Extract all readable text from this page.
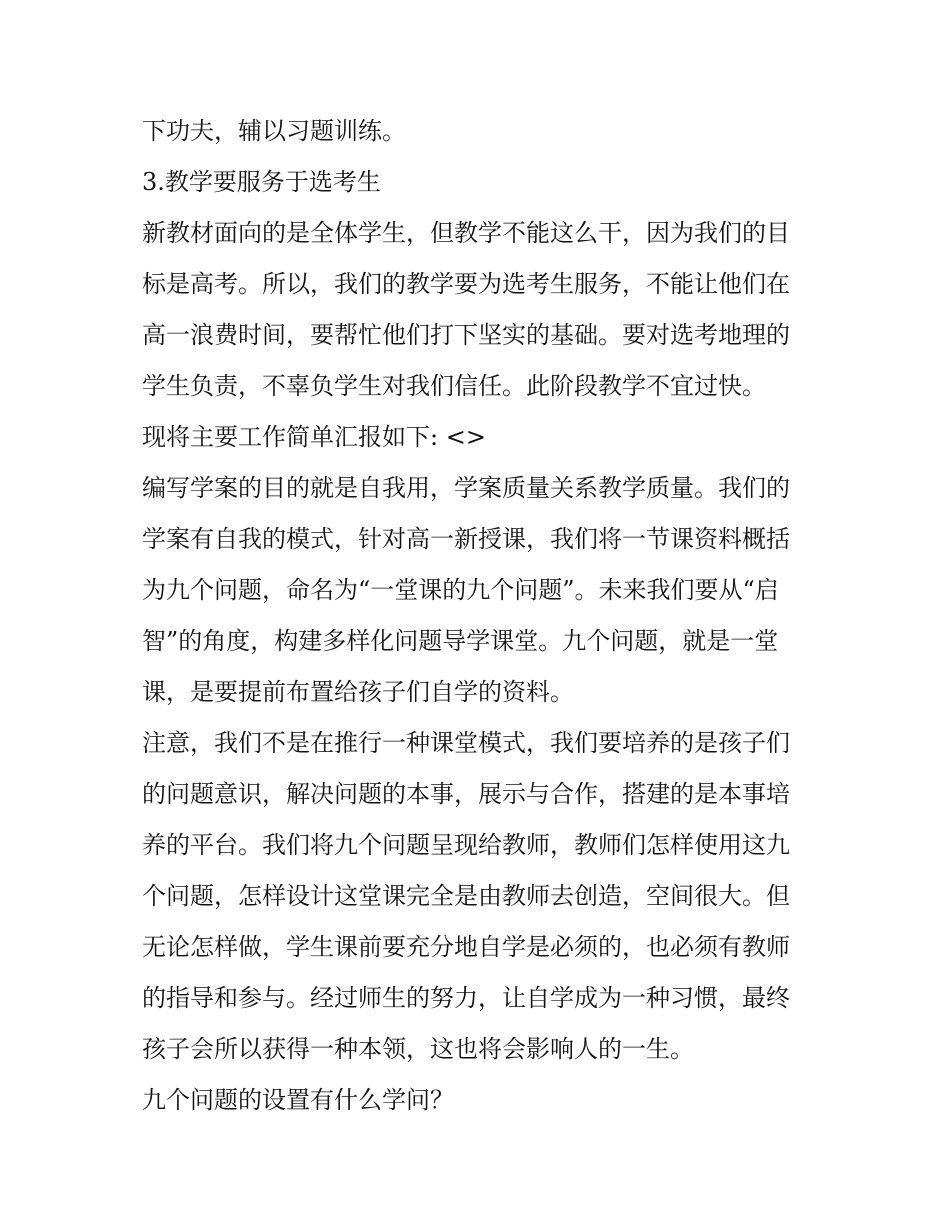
下功夫，辅以习题训练。
3.教学要服务于选考生
新教材面向的是全体学生，但教学不能这么干，因为我们的目
标是高考。所以，我们的教学要为选考生服务，不能让他们在
高一浪费时间，要帮忙他们打下坚实的基础。要对选考地理的
学生负责，不辜负学生对我们信任。此阶段教学不宜过快。
现将主要工作简单汇报如下: <>
编写学案的目的就是自我用，学案质量关系教学质量。我们的
学案有自我的模式，针对高一新授课，我们将一节课资料概括
为九个问题，命名为“一堂课的九个问题”。未来我们要从“启
智”的角度，构建多样化问题导学课堂。九个问题，就是一堂
课，是要提前布置给孩子们自学的资料。
注意，我们不是在推行一种课堂模式，我们要培养的是孩子们
的问题意识，解决问题的本事，展示与合作，搭建的是本事培
养的平台。我们将九个问题呈现给教师，教师们怎样使用这九
个问题，怎样设计这堂课完全是由教师去创造，空间很大。但
无论怎样做，学生课前要充分地自学是必须的，也必须有教师
的指导和参与。经过师生的努力，让自学成为一种习惯，最终
孩子会所以获得一种本领，这也将会影响人的一生。
九个问题的设置有什么学问？
